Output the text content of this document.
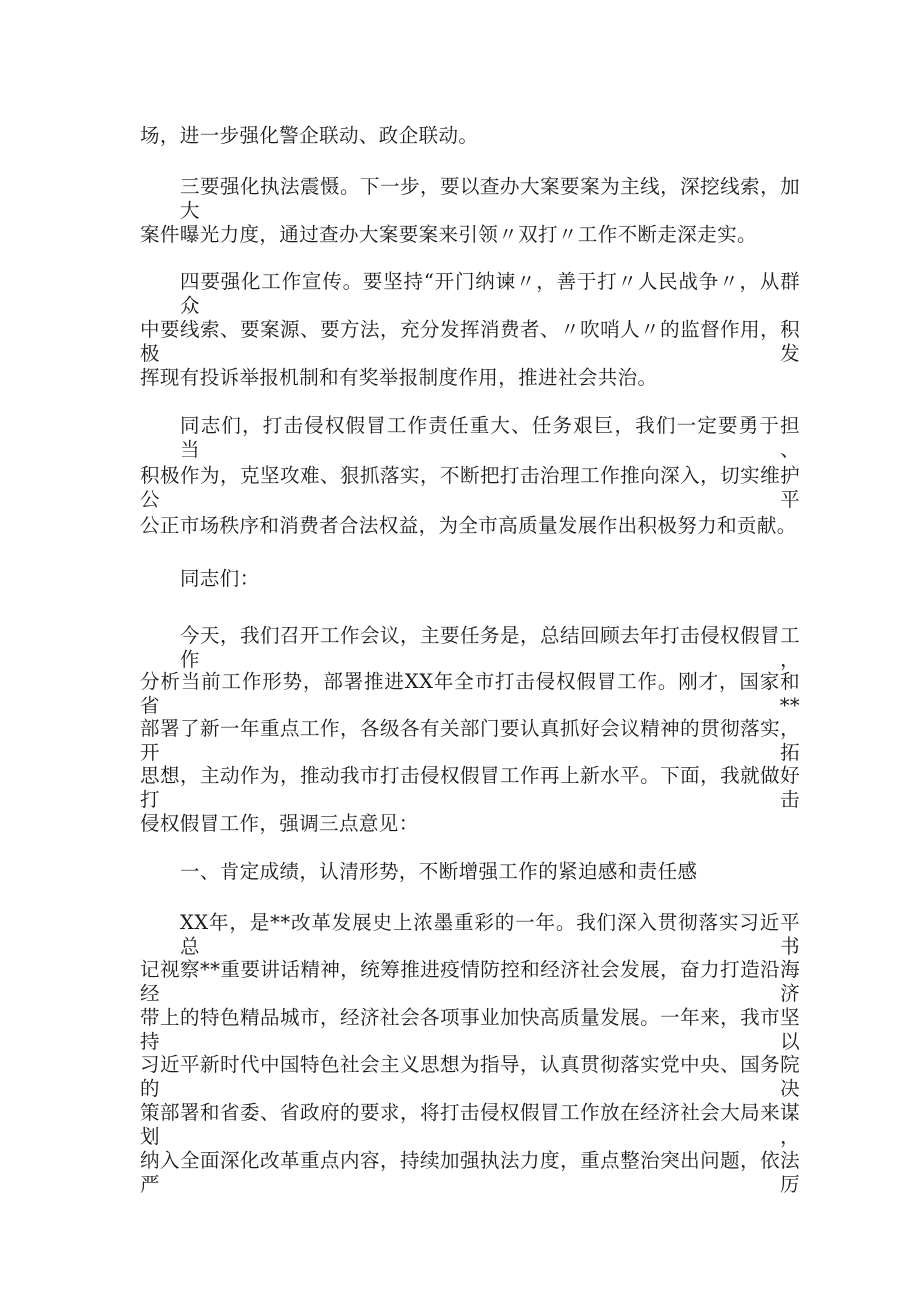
场，进一步强化警企联动、政企联动。

三要强化执法震慑。下一步，要以查办大案要案为主线，深挖线索，加大

案件曝光力度，通过查办大案要案来引领〃双打〃工作不断走深走实。

四要强化工作宣传。要坚持“开门纳谏〃，善于打〃人民战争〃，从群众

中要线索、要案源、要方法，充分发挥消费者、〃吹哨人〃的监督作用，积极发

挥现有投诉举报机制和有奖举报制度作用，推进社会共治。

同志们，打击侵权假冒工作责任重大、任务艰巨，我们一定要勇于担当、

积极作为，克坚攻难、狠抓落实，不断把打击治理工作推向深入，切实维护公平

公正市场秩序和消费者合法权益，为全市高质量发展作出积极努力和贡献。

同志们：

今天，我们召开工作会议，主要任务是，总结回顾去年打击侵权假冒工作，

分析当前工作形势，部署推进XX年全市打击侵权假冒工作。刚才，国家和省**

部署了新一年重点工作，各级各有关部门要认真抓好会议精神的贯彻落实，开拓

思想，主动作为，推动我市打击侵权假冒工作再上新水平。下面，我就做好打击

侵权假冒工作，强调三点意见：

一、肯定成绩，认清形势，不断增强工作的紧迫感和责任感

XX年，是**改革发展史上浓墨重彩的一年。我们深入贯彻落实习近平总书

记视察**重要讲话精神，统筹推进疫情防控和经济社会发展，奋力打造沿海经济

带上的特色精品城市，经济社会各项事业加快高质量发展。一年来，我市坚持以

习近平新时代中国特色社会主义思想为指导，认真贯彻落实党中央、国务院的决

策部署和省委、省政府的要求，将打击侵权假冒工作放在经济社会大局来谋划，

纳入全面深化改革重点内容，持续加强执法力度，重点整治突出问题，依法严厉
